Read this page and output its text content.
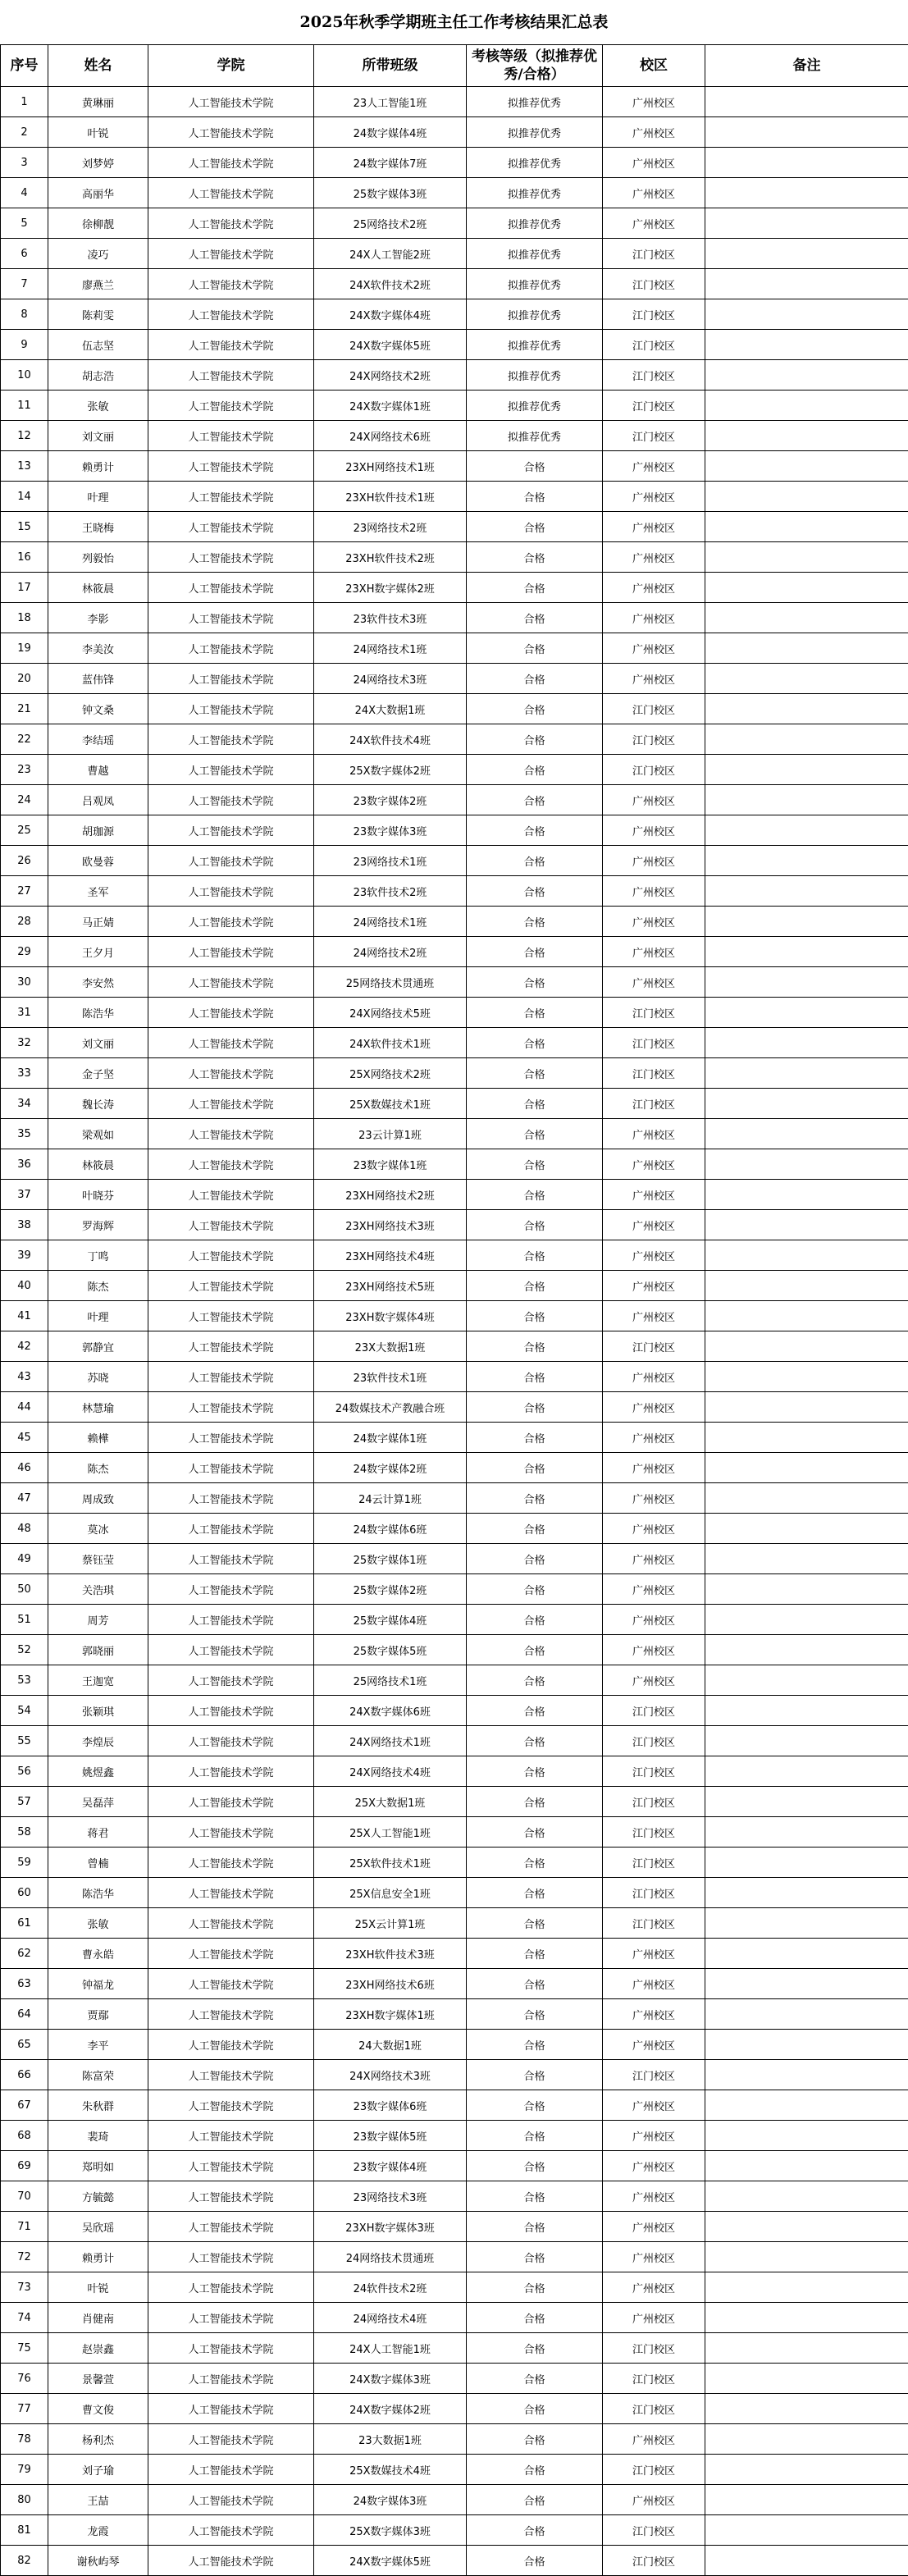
2025年秋季学期班主任工作考核结果汇总表
序号	姓名	学院	所带班级	考核等级（拟推荐优秀/合格）	校区	备注
1	黄琳丽	人工智能技术学院	23人工智能1班	拟推荐优秀	广州校区	
2	叶锐	人工智能技术学院	24数字媒体4班	拟推荐优秀	广州校区	
3	刘梦婷	人工智能技术学院	24数字媒体7班	拟推荐优秀	广州校区	
4	高丽华	人工智能技术学院	25数字媒体3班	拟推荐优秀	广州校区	
5	徐柳靓	人工智能技术学院	25网络技术2班	拟推荐优秀	广州校区	
6	凌巧	人工智能技术学院	24X人工智能2班	拟推荐优秀	江门校区	
7	廖燕兰	人工智能技术学院	24X软件技术2班	拟推荐优秀	江门校区	
8	陈莉雯	人工智能技术学院	24X数字媒体4班	拟推荐优秀	江门校区	
9	伍志坚	人工智能技术学院	24X数字媒体5班	拟推荐优秀	江门校区	
10	胡志浩	人工智能技术学院	24X网络技术2班	拟推荐优秀	江门校区	
11	张敏	人工智能技术学院	24X数字媒体1班	拟推荐优秀	江门校区	
12	刘文丽	人工智能技术学院	24X网络技术6班	拟推荐优秀	江门校区	
13	赖勇计	人工智能技术学院	23XH网络技术1班	合格	广州校区	
14	叶理	人工智能技术学院	23XH软件技术1班	合格	广州校区	
15	王晓梅	人工智能技术学院	23网络技术2班	合格	广州校区	
16	列毅怡	人工智能技术学院	23XH软件技术2班	合格	广州校区	
17	林筱晨	人工智能技术学院	23XH数字媒体2班	合格	广州校区	
18	李影	人工智能技术学院	23软件技术3班	合格	广州校区	
19	李美汝	人工智能技术学院	24网络技术1班	合格	广州校区	
20	蓝伟锋	人工智能技术学院	24网络技术3班	合格	广州校区	
21	钟文桑	人工智能技术学院	24X大数据1班	合格	江门校区	
22	李结瑶	人工智能技术学院	24X软件技术4班	合格	江门校区	
23	曹越	人工智能技术学院	25X数字媒体2班	合格	江门校区	
24	吕观凤	人工智能技术学院	23数字媒体2班	合格	广州校区	
25	胡珈源	人工智能技术学院	23数字媒体3班	合格	广州校区	
26	欧曼蓉	人工智能技术学院	23网络技术1班	合格	广州校区	
27	圣军	人工智能技术学院	23软件技术2班	合格	广州校区	
28	马正婧	人工智能技术学院	24网络技术1班	合格	广州校区	
29	王夕月	人工智能技术学院	24网络技术2班	合格	广州校区	
30	李安然	人工智能技术学院	25网络技术贯通班	合格	广州校区	
31	陈浩华	人工智能技术学院	24X网络技术5班	合格	江门校区	
32	刘文丽	人工智能技术学院	24X软件技术1班	合格	江门校区	
33	金子坚	人工智能技术学院	25X网络技术2班	合格	江门校区	
34	魏长涛	人工智能技术学院	25X数媒技术1班	合格	江门校区	
35	梁观如	人工智能技术学院	23云计算1班	合格	广州校区	
36	林筱晨	人工智能技术学院	23数字媒体1班	合格	广州校区	
37	叶晓芬	人工智能技术学院	23XH网络技术2班	合格	广州校区	
38	罗海辉	人工智能技术学院	23XH网络技术3班	合格	广州校区	
39	丁鸣	人工智能技术学院	23XH网络技术4班	合格	广州校区	
40	陈杰	人工智能技术学院	23XH网络技术5班	合格	广州校区	
41	叶理	人工智能技术学院	23XH数字媒体4班	合格	广州校区	
42	郭静宜	人工智能技术学院	23X大数据1班	合格	江门校区	
43	苏晓	人工智能技术学院	23软件技术1班	合格	广州校区	
44	林慧瑜	人工智能技术学院	24数媒技术产教融合班	合格	广州校区	
45	赖樺	人工智能技术学院	24数字媒体1班	合格	广州校区	
46	陈杰	人工智能技术学院	24数字媒体2班	合格	广州校区	
47	周成致	人工智能技术学院	24云计算1班	合格	广州校区	
48	莫冰	人工智能技术学院	24数字媒体6班	合格	广州校区	
49	蔡钰莹	人工智能技术学院	25数字媒体1班	合格	广州校区	
50	关浩琪	人工智能技术学院	25数字媒体2班	合格	广州校区	
51	周芳	人工智能技术学院	25数字媒体4班	合格	广州校区	
52	郭晓丽	人工智能技术学院	25数字媒体5班	合格	广州校区	
53	王迦宽	人工智能技术学院	25网络技术1班	合格	广州校区	
54	张颖琪	人工智能技术学院	24X数字媒体6班	合格	江门校区	
55	李煌辰	人工智能技术学院	24X网络技术1班	合格	江门校区	
56	姚煜鑫	人工智能技术学院	24X网络技术4班	合格	江门校区	
57	吴磊萍	人工智能技术学院	25X大数据1班	合格	江门校区	
58	蒋君	人工智能技术学院	25X人工智能1班	合格	江门校区	
59	曾楠	人工智能技术学院	25X软件技术1班	合格	江门校区	
60	陈浩华	人工智能技术学院	25X信息安全1班	合格	江门校区	
61	张敏	人工智能技术学院	25X云计算1班	合格	江门校区	
62	曹永皓	人工智能技术学院	23XH软件技术3班	合格	广州校区	
63	钟福龙	人工智能技术学院	23XH网络技术6班	合格	广州校区	
64	贾鄢	人工智能技术学院	23XH数字媒体1班	合格	广州校区	
65	李平	人工智能技术学院	24大数据1班	合格	广州校区	
66	陈富荣	人工智能技术学院	24X网络技术3班	合格	江门校区	
67	朱秋群	人工智能技术学院	23数字媒体6班	合格	广州校区	
68	裴琦	人工智能技术学院	23数字媒体5班	合格	广州校区	
69	郑明如	人工智能技术学院	23数字媒体4班	合格	广州校区	
70	方毓懿	人工智能技术学院	23网络技术3班	合格	广州校区	
71	吴欣瑶	人工智能技术学院	23XH数字媒体3班	合格	广州校区	
72	赖勇计	人工智能技术学院	24网络技术贯通班	合格	广州校区	
73	叶锐	人工智能技术学院	24软件技术2班	合格	广州校区	
74	肖健南	人工智能技术学院	24网络技术4班	合格	广州校区	
75	赵崇鑫	人工智能技术学院	24X人工智能1班	合格	江门校区	
76	景馨萱	人工智能技术学院	24X数字媒体3班	合格	江门校区	
77	曹文俊	人工智能技术学院	24X数字媒体2班	合格	江门校区	
78	杨利杰	人工智能技术学院	23大数据1班	合格	广州校区	
79	刘子瑜	人工智能技术学院	25X数媒技术4班	合格	江门校区	
80	王喆	人工智能技术学院	24数字媒体3班	合格	广州校区	
81	龙霞	人工智能技术学院	25X数字媒体3班	合格	江门校区	
82	谢秋屿琴	人工智能技术学院	24X数字媒体5班	合格	江门校区	
